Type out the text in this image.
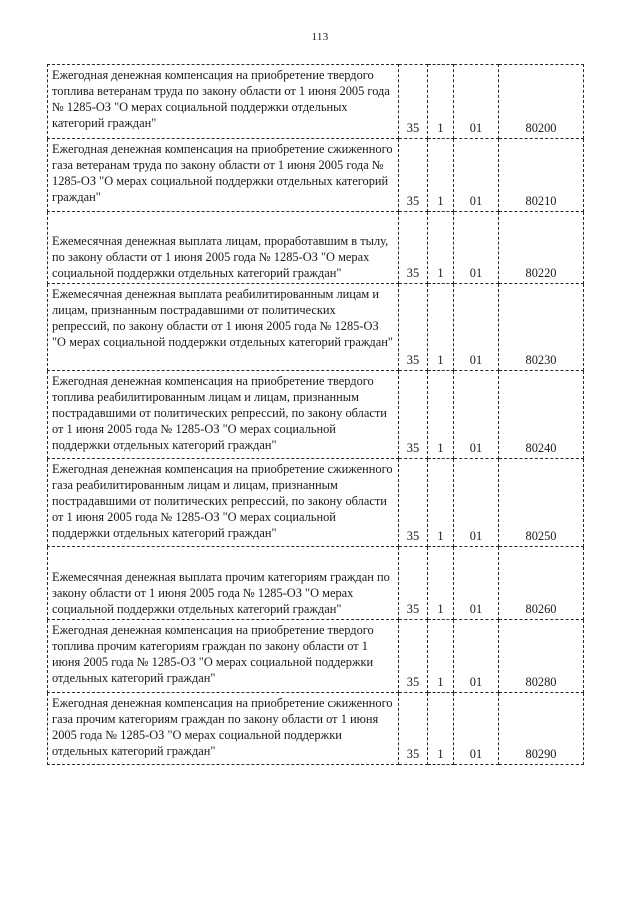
113
Ежегодная денежная компенсация на приобретение твердого топлива ветеранам труда по закону области от 1 июня 2005 года № 1285-ОЗ "О мерах социальной поддержки отдельных категорий граждан"	35	1	01	80200
Ежегодная денежная компенсация на приобретение сжиженного газа ветеранам труда по закону области от 1 июня 2005 года № 1285-ОЗ "О мерах социальной поддержки отдельных категорий граждан"	35	1	01	80210
Ежемесячная денежная выплата лицам, проработавшим в тылу, по закону области от 1 июня 2005 года № 1285-ОЗ "О мерах социальной поддержки отдельных категорий граждан"	35	1	01	80220
Ежемесячная денежная выплата реабилитированным лицам и лицам, признанным пострадавшими от политических репрессий, по закону области от 1 июня 2005 года № 1285-ОЗ "О мерах социальной поддержки отдельных категорий граждан"	35	1	01	80230
Ежегодная денежная компенсация на приобретение твердого топлива реабилитированным лицам и лицам, признанным пострадавшими от политических репрессий, по закону области от 1 июня 2005 года № 1285-ОЗ "О мерах социальной поддержки отдельных категорий граждан"	35	1	01	80240
Ежегодная денежная компенсация на приобретение сжиженного газа реабилитированным лицам и лицам, признанным пострадавшими от политических репрессий, по закону области от 1 июня 2005 года № 1285-ОЗ "О мерах социальной поддержки отдельных категорий граждан"	35	1	01	80250
Ежемесячная денежная выплата прочим категориям граждан по закону области от 1 июня 2005 года № 1285-ОЗ "О мерах социальной поддержки отдельных категорий граждан"	35	1	01	80260
Ежегодная денежная компенсация на приобретение твердого топлива прочим категориям граждан по закону области от 1 июня 2005 года № 1285-ОЗ "О мерах социальной поддержки отдельных категорий граждан"	35	1	01	80280
Ежегодная денежная компенсация на приобретение сжиженного газа прочим категориям граждан по закону области от 1 июня 2005 года № 1285-ОЗ "О мерах социальной поддержки отдельных категорий граждан"	35	1	01	80290
